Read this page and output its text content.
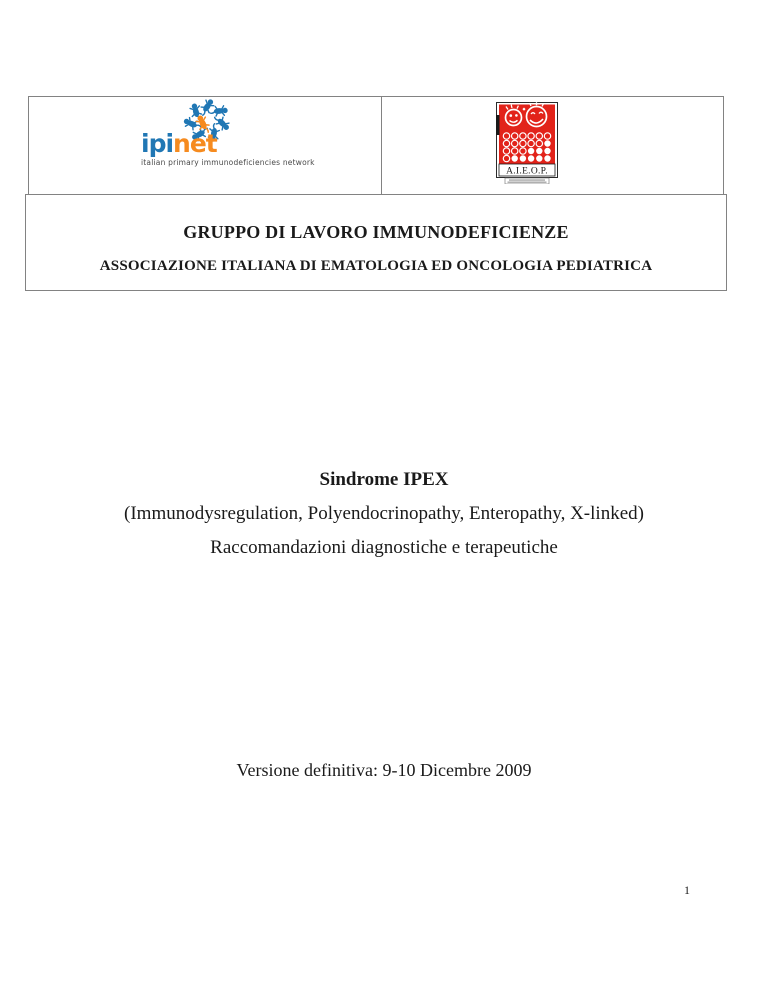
ipinet
italian primary immunodeficiencies network
A.I.E.O.P.
GRUPPO DI LAVORO IMMUNODEFICIENZE
ASSOCIAZIONE ITALIANA DI EMATOLOGIA ED ONCOLOGIA PEDIATRICA
Sindrome IPEX
(Immunodysregulation, Polyendocrinopathy, Enteropathy, X-linked)
Raccomandazioni diagnostiche e terapeutiche
Versione definitiva: 9-10 Dicembre 2009
1
